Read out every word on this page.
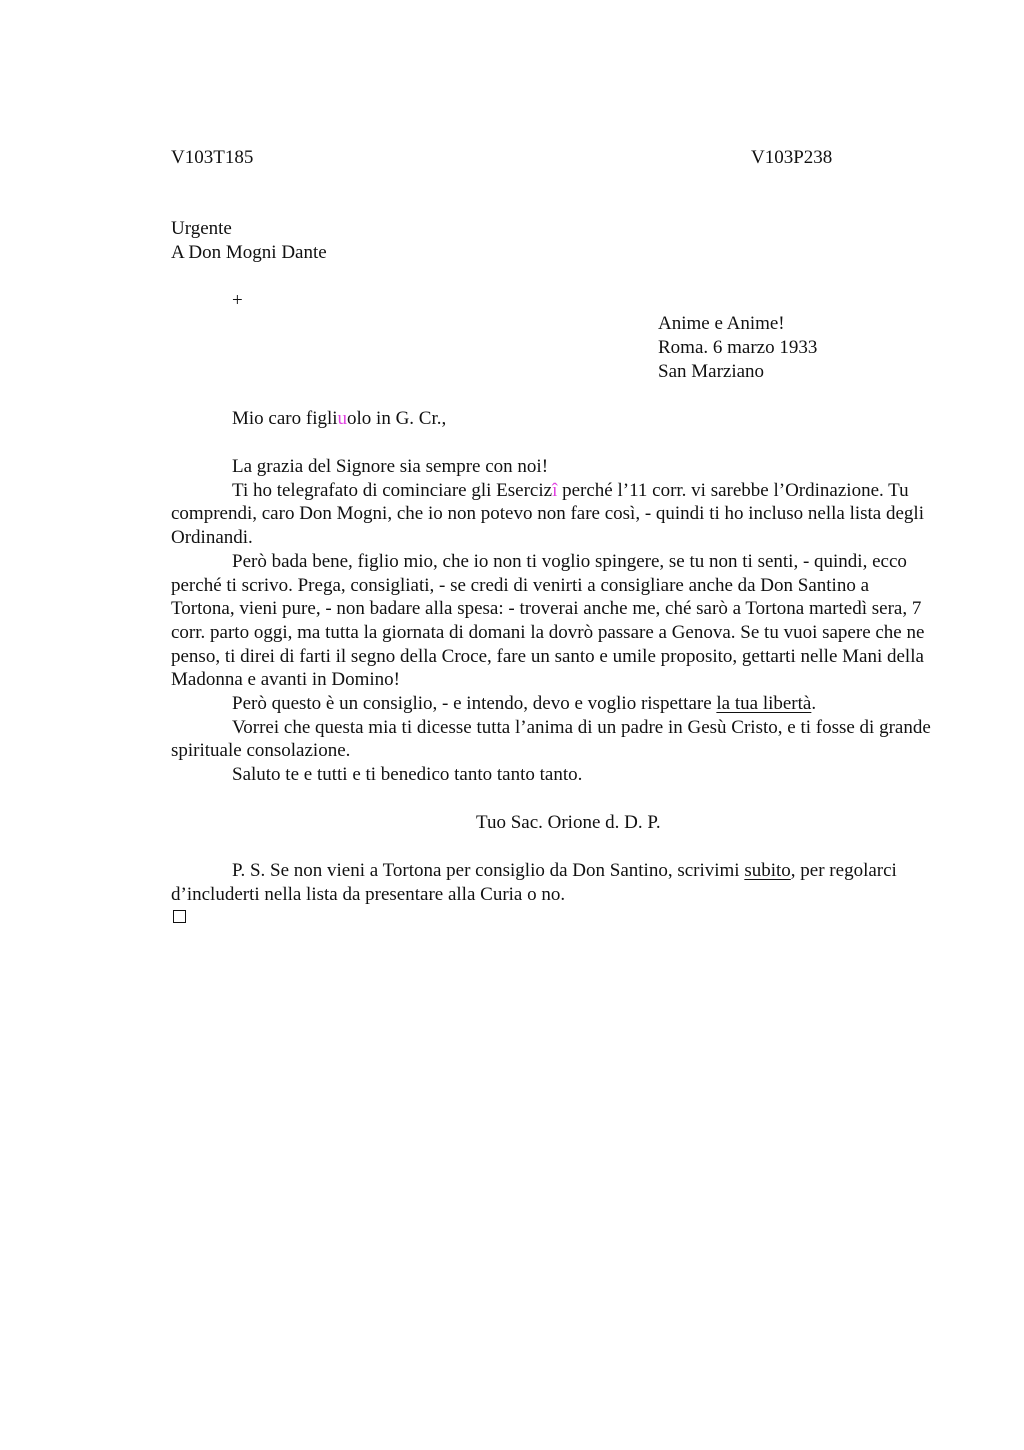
V103T185	V103P238
Urgente
A Don Mogni Dante
+
Anime e Anime!
Roma. 6 marzo 1933
San Marziano
Mio caro figliuolo in G. Cr.,
La grazia del Signore sia sempre con noi!
Ti ho telegrafato di cominciare gli Esercizî perché l’11 corr. vi sarebbe l’Ordinazione. Tu comprendi, caro Don Mogni, che io non potevo non fare così, - quindi ti ho incluso nella lista degli Ordinandi.
Però bada bene, figlio mio, che io non ti voglio spingere, se tu non ti senti, - quindi, ecco perché ti scrivo. Prega, consigliati, - se credi di venirti a consigliare anche da Don Santino a Tortona, vieni pure, - non badare alla spesa: - troverai anche me, ché sarò a Tortona martedì sera, 7 corr. parto oggi, ma tutta la giornata di domani la dovrò passare a Genova. Se tu vuoi sapere che ne penso, ti direi di farti il segno della Croce, fare un santo e umile proposito, gettarti nelle Mani della Madonna e avanti in Domino!
Però questo è un consiglio, - e intendo, devo e voglio rispettare la tua libertà.
Vorrei che questa mia ti dicesse tutta l’anima di un padre in Gesù Cristo, e ti fosse di grande spirituale consolazione.
Saluto te e tutti e ti benedico tanto tanto tanto.
Tuo Sac. Orione d. D. P.
P. S. Se non vieni a Tortona per consiglio da Don Santino, scrivimi subito, per regolarci d’includerti nella lista da presentare alla Curia o no.
